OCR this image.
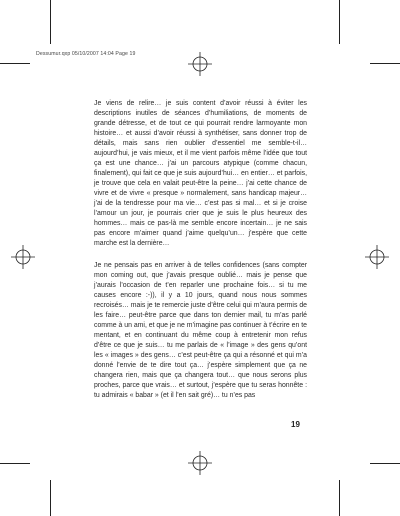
Dessumur.qxp 05/10/2007 14:04 Page 19

Je viens de relire… je suis content d’avoir réussi à éviter les descriptions inutiles de séances d’humiliations, de moments de grande détresse, et de tout ce qui pourrait rendre larmoyante mon histoire… et aussi d’avoir réussi à synthétiser, sans donner trop de détails, mais sans rien oublier d’essentiel me semble-t-il… aujourd’hui, je vais mieux, et il me vient parfois même l’idée que tout ça est une chance… j’ai un parcours atypique (comme chacun, finalement), qui fait ce que je suis aujourd’hui… en entier… et parfois, je trouve que cela en valait peut-être la peine… j’ai cette chance de vivre et de vivre « presque » normalement, sans handicap majeur… j’ai de la tendresse pour ma vie… c’est pas si mal… et si je croise l’amour un jour, je pourrais crier que je suis le plus heureux des hommes… mais ce pas-là me semble encore incertain… je ne sais pas encore m’aimer quand j’aime quelqu’un… j’espère que cette marche est la dernière…

Je ne pensais pas en arriver à de telles confidences (sans compter mon coming out, que j’avais presque oublié… mais je pense que j’aurais l’occasion de t’en reparler une prochaine fois… si tu me causes encore :-)), il y a 10 jours, quand nous nous sommes recroisés… mais je te remercie juste d’être celui qui m’aura permis de les faire… peut-être parce que dans ton dernier mail, tu m’as parlé comme à un ami, et que je ne m’imagine pas continuer à t’écrire en te mentant, et en continuant du même coup à entretenir mon refus d’être ce que je suis… tu me parlais de « l’image » des gens qu’ont les « images » des gens… c’est peut-être ça qui a résonné et qui m’a donné l’envie de te dire tout ça… j’espère simplement que ça ne changera rien, mais que ça changera tout… que nous serons plus proches, parce que vrais… et surtout, j’espère que tu seras honnête : tu admirais « babar » (et il l’en sait gré)… tu n’es pas

19
